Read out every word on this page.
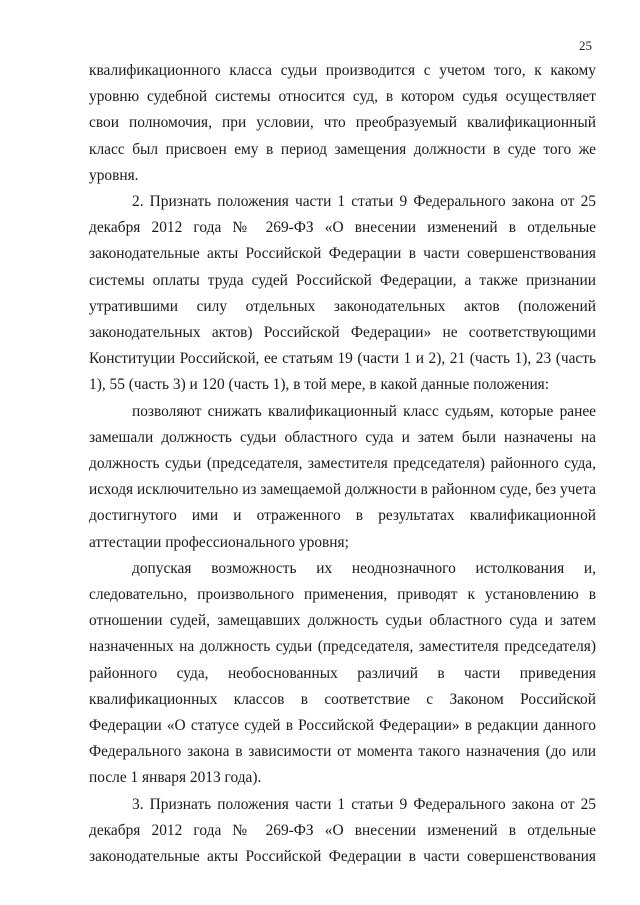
25

квалификационного класса судьи производится с учетом того, к какому уровню судебной системы относится суд, в котором судья осуществляет свои полномочия, при условии, что преобразуемый квалификационный класс был присвоен ему в период замещения должности в суде того же уровня.

2. Признать положения части 1 статьи 9 Федерального закона от 25 декабря 2012 года № 269-ФЗ «О внесении изменений в отдельные законодательные акты Российской Федерации в части совершенствования системы оплаты труда судей Российской Федерации, а также признании утратившими силу отдельных законодательных актов (положений законодательных актов) Российской Федерации» не соответствующими Конституции Российской, ее статьям 19 (части 1 и 2), 21 (часть 1), 23 (часть 1), 55 (часть 3) и 120 (часть 1), в той мере, в какой данные положения:

позволяют снижать квалификационный класс судьям, которые ранее замешали должность судьи областного суда и затем были назначены на должность судьи (председателя, заместителя председателя) районного суда, исходя исключительно из замещаемой должности в районном суде, без учета достигнутого ими и отраженного в результатах квалификационной аттестации профессионального уровня;

допуская возможность их неоднозначного истолкования и, следовательно, произвольного применения, приводят к установлению в отношении судей, замещавших должность судьи областного суда и затем назначенных на должность судьи (председателя, заместителя председателя) районного суда, необоснованных различий в части приведения квалификационных классов в соответствие с Законом Российской Федерации «О статусе судей в Российской Федерации» в редакции данного Федерального закона в зависимости от момента такого назначения (до или после 1 января 2013 года).

3. Признать положения части 1 статьи 9 Федерального закона от 25 декабря 2012 года № 269-ФЗ «О внесении изменений в отдельные законодательные акты Российской Федерации в части совершенствования
